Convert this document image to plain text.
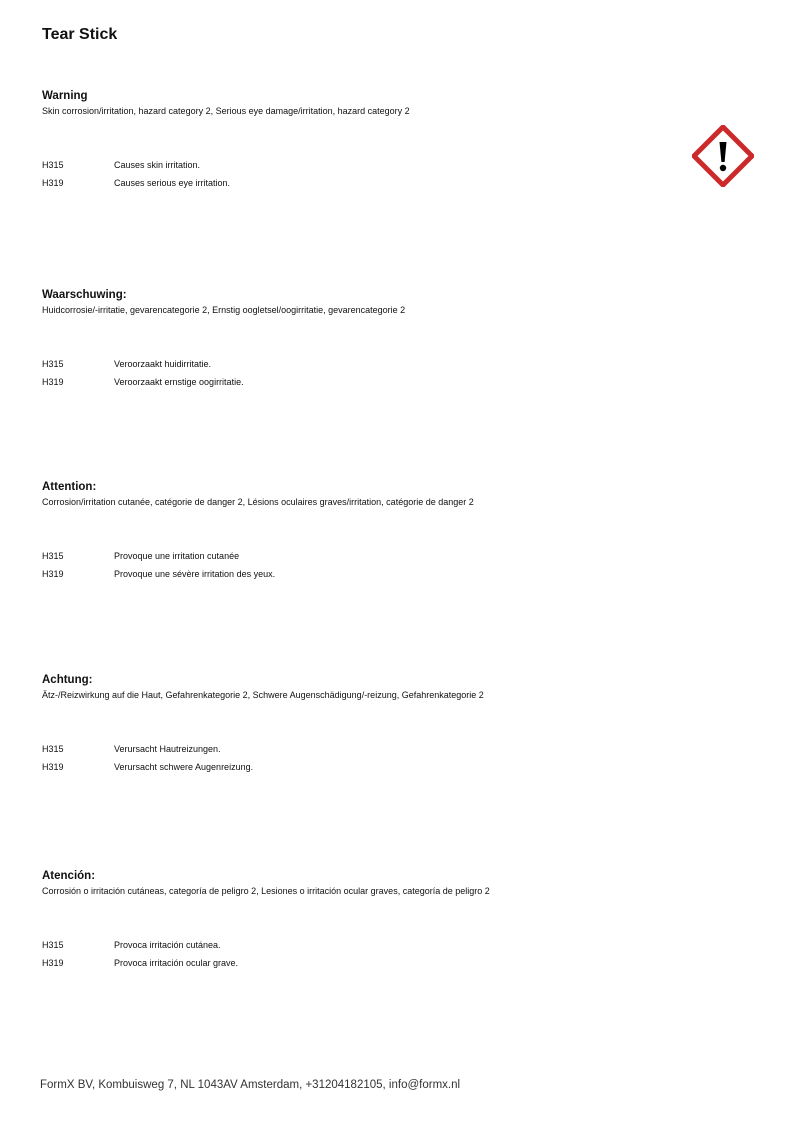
Tear Stick
Warning
Skin corrosion/irritation, hazard category 2, Serious eye damage/irritation, hazard category 2
H315	Causes skin irritation.
H319	Causes serious eye irritation.
Waarschuwing:
Huidcorrosie/-irritatie, gevarencategorie 2, Ernstig oogletsel/oogirritatie, gevarencategorie 2
H315	Veroorzaakt huidirritatie.
H319	Veroorzaakt ernstige oogirritatie.
Attention:
Corrosion/irritation cutanée, catégorie de danger 2, Lésions oculaires graves/irritation, catégorie de danger 2
H315	Provoque une irritation cutanée
H319	Provoque une sévère irritation des yeux.
Achtung:
Ätz-/Reizwirkung auf die Haut, Gefahrenkategorie 2, Schwere Augenschädigung/-reizung, Gefahrenkategorie 2
H315	Verursacht Hautreizungen.
H319	Verursacht schwere Augenreizung.
Atención:
Corrosión o irritación cutáneas, categoría de peligro 2, Lesiones o irritación ocular graves, categoría de peligro 2
H315	Provoca irritación cutánea.
H319	Provoca irritación ocular grave.
FormX BV, Kombuisweg 7, NL 1043AV Amsterdam, +31204182105, info@formx.nl
